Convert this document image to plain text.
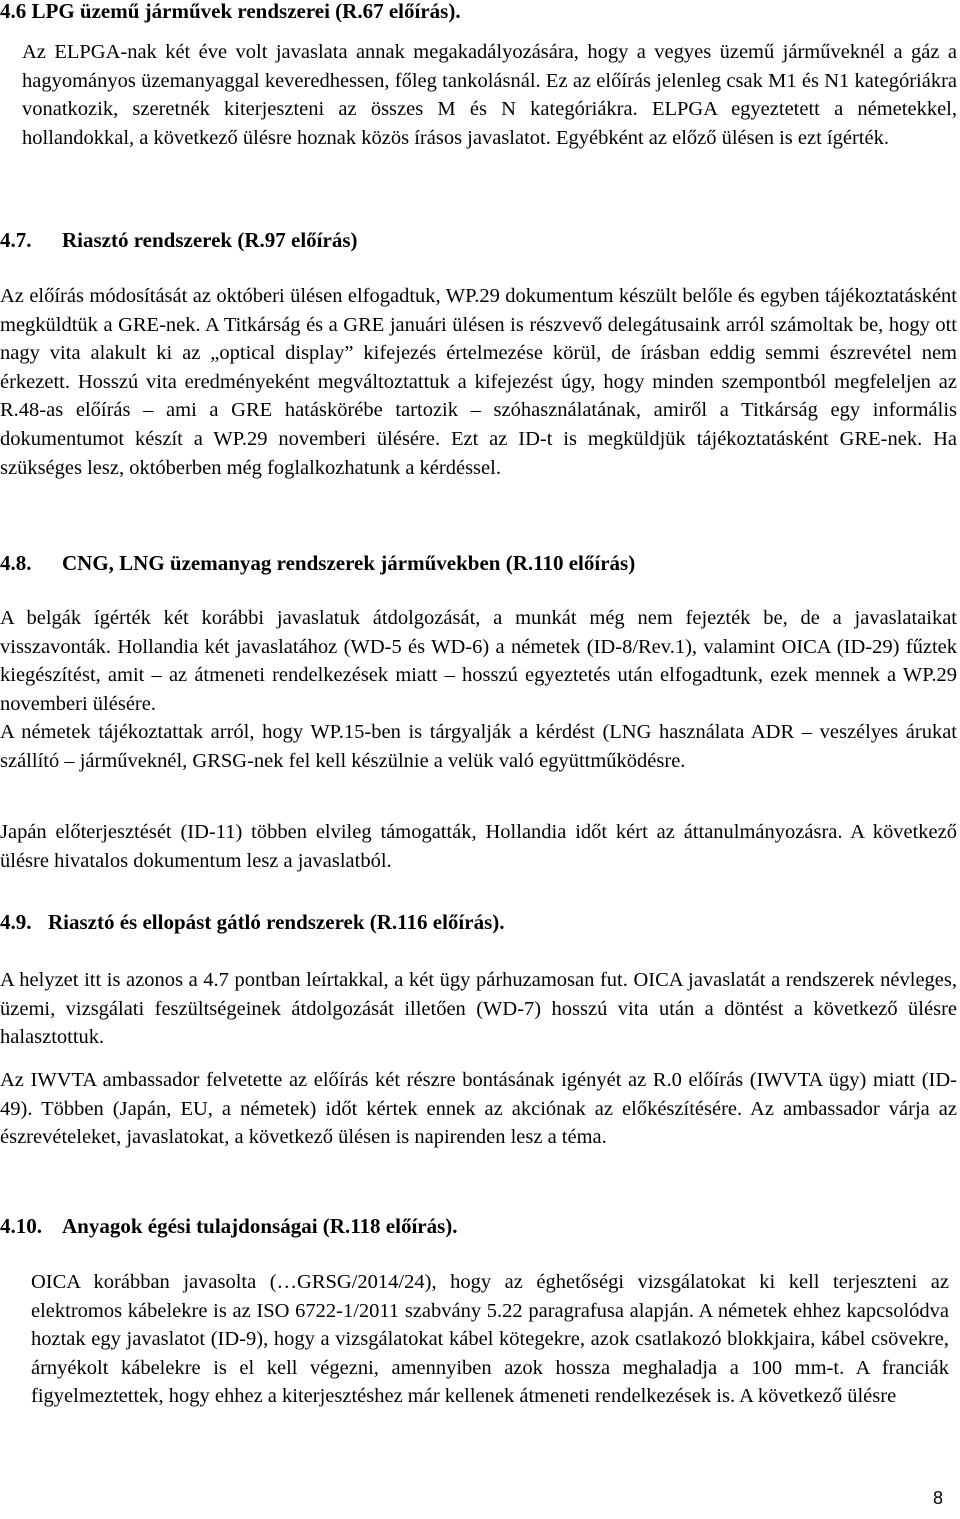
4.6 LPG üzemű járművek rendszerei (R.67 előírás).

Az ELPGA-nak két éve volt javaslata annak megakadályozására, hogy a vegyes üzemű járműveknél a gáz a hagyományos üzemanyaggal keveredhessen, főleg tankolásnál. Ez az előírás jelenleg csak M1 és N1 kategóriákra vonatkozik, szeretnék kiterjeszteni az összes M és N kategóriákra. ELPGA egyeztetett a németekkel, hollandokkal, a következő ülésre hoznak közös írásos javaslatot. Egyébként az előző ülésen is ezt ígérték.

4.7. Riasztó rendszerek (R.97 előírás)

Az előírás módosítását az októberi ülésen elfogadtuk, WP.29 dokumentum készült belőle és egyben tájékoztatásként megküldtük a GRE-nek. A Titkárság és a GRE januári ülésen is részvevő delegátusaink arról számoltak be, hogy ott nagy vita alakult ki az „optical display” kifejezés értelmezése körül, de írásban eddig semmi észrevétel nem érkezett. Hosszú vita eredményeként megváltoztattuk a kifejezést úgy, hogy minden szempontból megfeleljen az R.48-as előírás – ami a GRE hatáskörébe tartozik – szóhasználatának, amiről a Titkárság egy informális dokumentumot készít a WP.29 novemberi ülésére. Ezt az ID-t is megküldjük tájékoztatásként GRE-nek. Ha szükséges lesz, októberben még foglalkozhatunk a kérdéssel.

4.8. CNG, LNG üzemanyag rendszerek járművekben (R.110 előírás)

A belgák ígérték két korábbi javaslatuk átdolgozását, a munkát még nem fejezték be, de a javaslataikat visszavonták. Hollandia két javaslatához (WD-5 és WD-6) a németek (ID-8/Rev.1), valamint OICA (ID-29) fűztek kiegészítést, amit – az átmeneti rendelkezések miatt – hosszú egyeztetés után elfogadtunk, ezek mennek a WP.29 novemberi ülésére.

A németek tájékoztattak arról, hogy WP.15-ben is tárgyalják a kérdést (LNG használata ADR – veszélyes árukat szállító – járműveknél, GRSG-nek fel kell készülnie a velük való együttműködésre.

Japán előterjesztését (ID-11) többen elvileg támogatták, Hollandia időt kért az áttanulmányozásra. A következő ülésre hivatalos dokumentum lesz a javaslatból.

4.9. Riasztó és ellopást gátló rendszerek (R.116 előírás).

A helyzet itt is azonos a 4.7 pontban leírtakkal, a két ügy párhuzamosan fut. OICA javaslatát a rendszerek névleges, üzemi, vizsgálati feszültségeinek átdolgozását illetően (WD-7) hosszú vita után a döntést a következő ülésre halasztottuk.

Az IWVTA ambassador felvetette az előírás két részre bontásának igényét az R.0 előírás (IWVTA ügy) miatt (ID-49). Többen (Japán, EU, a németek) időt kértek ennek az akciónak az előkészítésére. Az ambassador várja az észrevételeket, javaslatokat, a következő ülésen is napirenden lesz a téma.

4.10. Anyagok égési tulajdonságai (R.118 előírás).

OICA korábban javasolta (…GRSG/2014/24), hogy az éghetőségi vizsgálatokat ki kell terjeszteni az elektromos kábelekre is az ISO 6722-1/2011 szabvány 5.22 paragrafusa alapján. A németek ehhez kapcsolódva hoztak egy javaslatot (ID-9), hogy a vizsgálatokat kábel kötegekre, azok csatlakozó blokkjaira, kábel csövekre, árnyékolt kábelekre is el kell végezni, amennyiben azok hossza meghaladja a 100 mm-t. A franciák figyelmeztettek, hogy ehhez a kiterjesztéshez már kellenek átmeneti rendelkezések is. A következő ülésre

8
